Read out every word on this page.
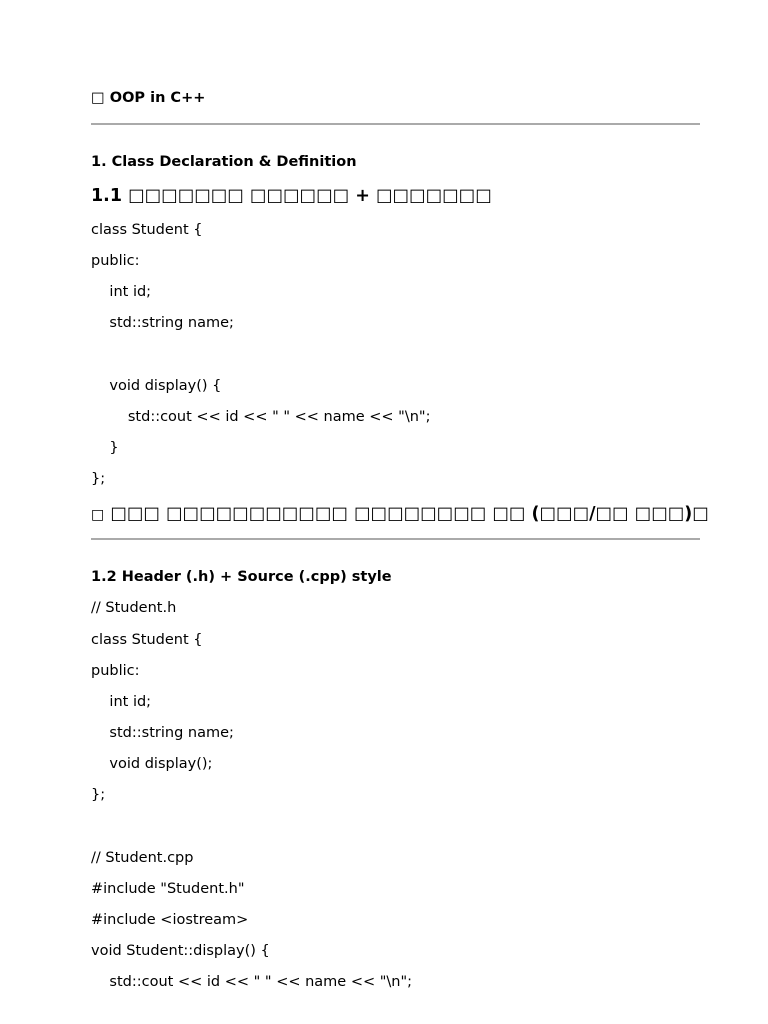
□ OOP in C++
1. Class Declaration & Definition
1.1 □□□□□□□ □□□□□□ + □□□□□□□
class Student {
public:
int id;
std::string name;
void display() {
std::cout << id << " " << name << "\n";
}
};
□ □□□ □□□□□□□□□□□ □□□□□□□□ □□ (□□□/□□ □□□)□
1.2 Header (.h) + Source (.cpp) style
// Student.h
class Student {
public:
int id;
std::string name;
void display();
};
// Student.cpp
#include "Student.h"
#include <iostream>
void Student::display() {
std::cout << id << " " << name << "\n";
